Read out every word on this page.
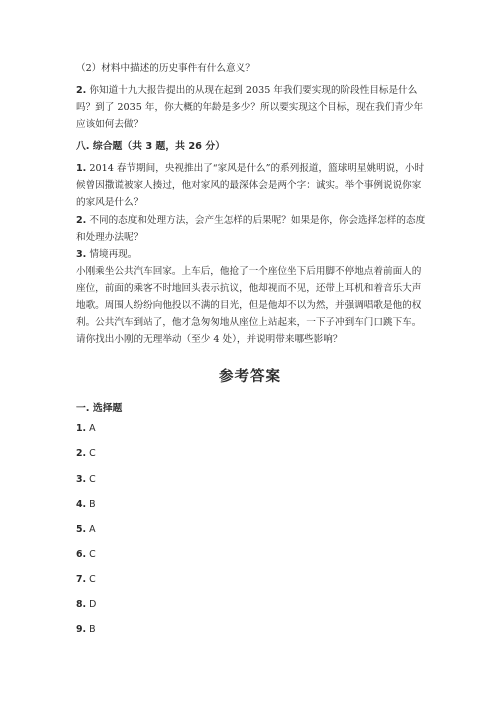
（2）材料中描述的历史事件有什么意义？
2. 你知道十九大报告提出的从现在起到 2035 年我们要实现的阶段性目标是什么吗？到了 2035 年，你大概的年龄是多少？所以要实现这个目标，现在我们青少年应该如何去做？
八. 综合题（共 3 题，共 26 分）
1. 2014 春节期间，央视推出了“家风是什么”的系列报道，篮球明星姚明说，小时候曾因撒谎被家人揍过，他对家风的最深体会是两个字：诚实。举个事例说说你家的家风是什么？
2. 不同的态度和处理方法，会产生怎样的后果呢？如果是你，你会选择怎样的态度和处理办法呢？
3. 情境再现。
小刚乘坐公共汽车回家。上车后，他抢了一个座位坐下后用脚不停地点着前面人的座位，前面的乘客不时地回头表示抗议，他却视而不见，还带上耳机和着音乐大声地歌。周围人纷纷向他投以不满的目光，但是他却不以为然，并强调唱歌是他的权利。公共汽车到站了，他才急匆匆地从座位上站起来，一下子冲到车门口跳下车。请你找出小刚的无理举动（至少 4 处），并说明带来哪些影响？
参考答案
一. 选择题
1. A
2. C
3. C
4. B
5. A
6. C
7. C
8. D
9. B
